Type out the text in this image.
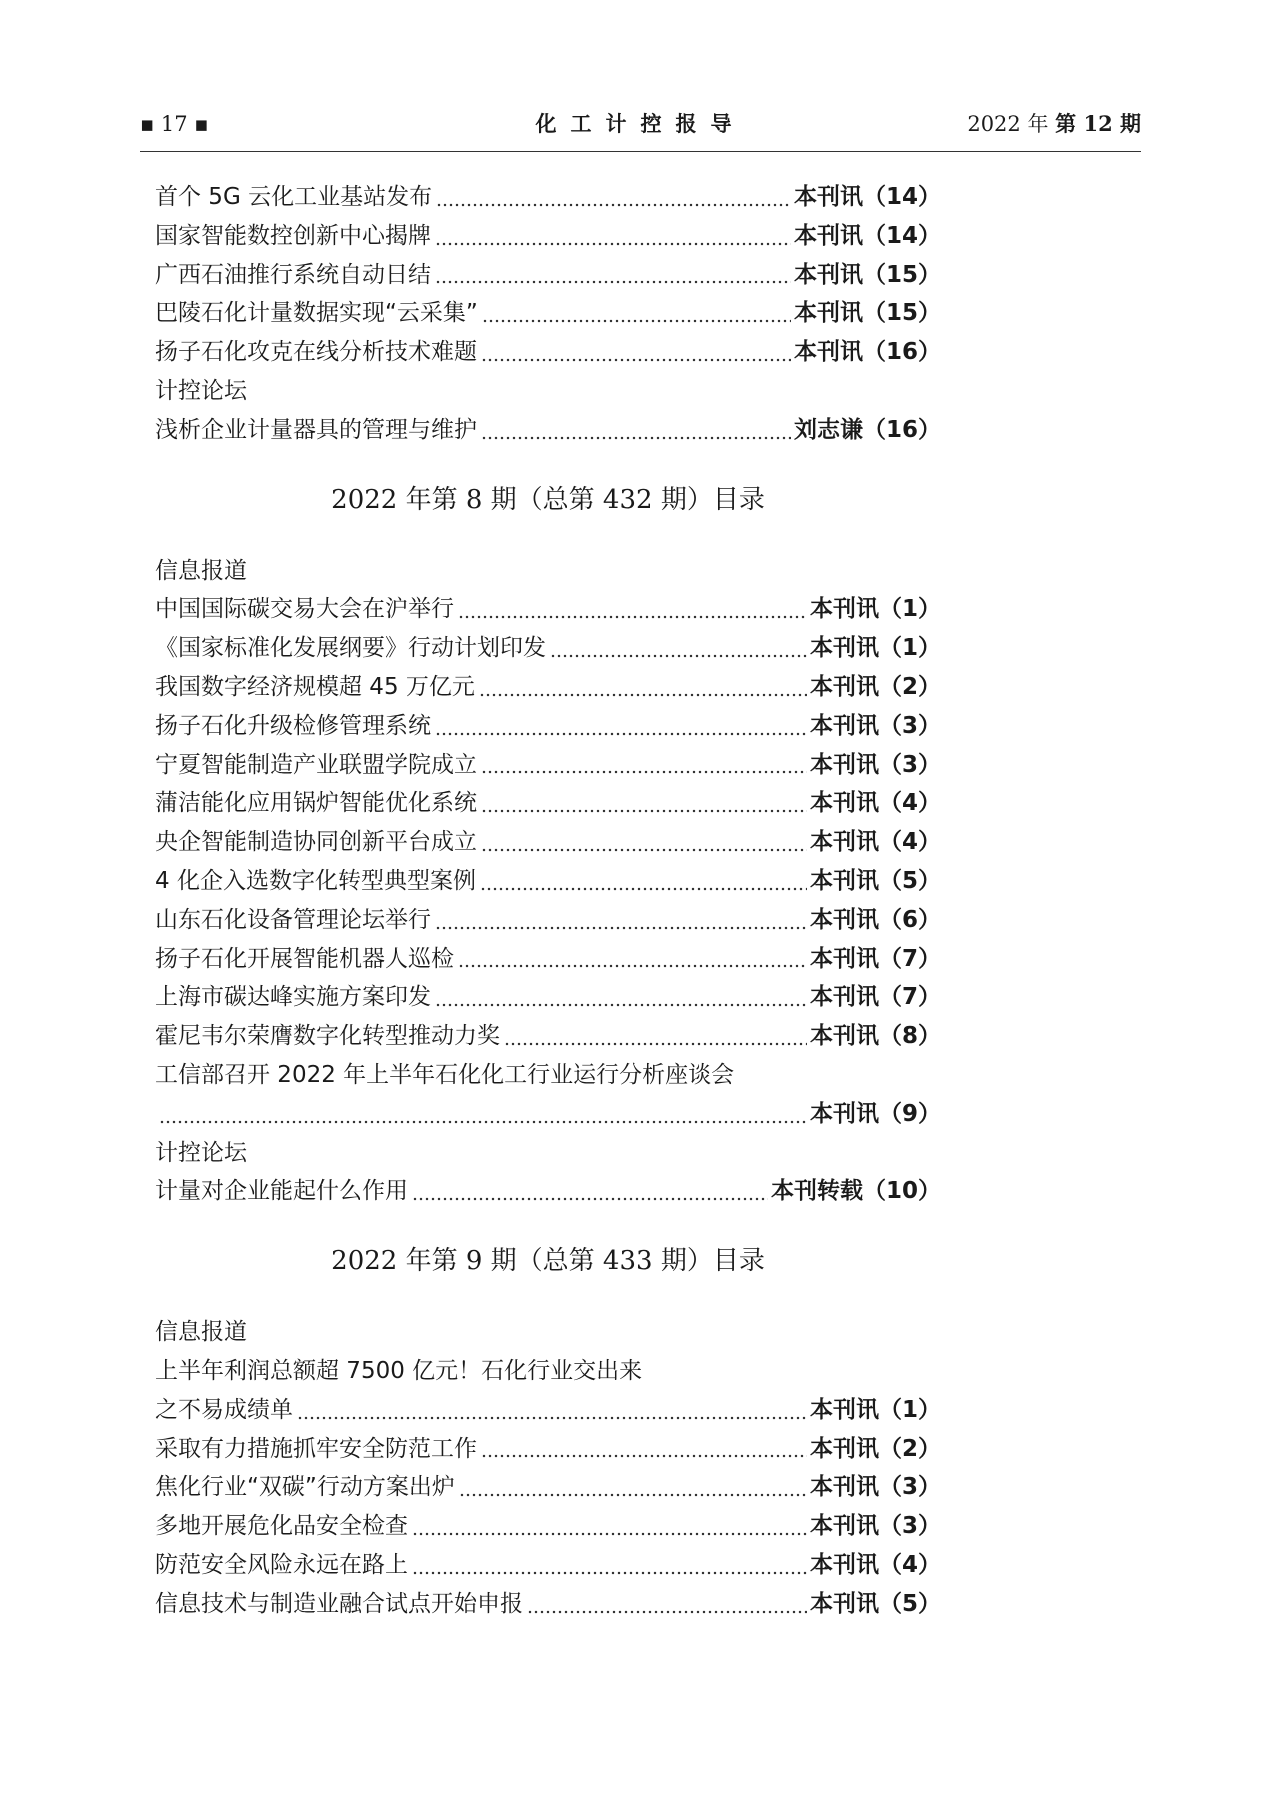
▪ 17 ▪	化工计控报导	2022 年 第 12 期
首个 5G 云化工业基站发布	本刊讯（14）
国家智能数控创新中心揭牌	本刊讯（14）
广西石油推行系统自动日结	本刊讯（15）
巴陵石化计量数据实现“云采集”	本刊讯（15）
扬子石化攻克在线分析技术难题	本刊讯（16）
计控论坛
浅析企业计量器具的管理与维护	刘志谦（16）
2022 年第 8 期（总第 432 期）目录
信息报道
中国国际碳交易大会在沪举行	本刊讯（1）
《国家标准化发展纲要》行动计划印发	本刊讯（1）
我国数字经济规模超 45 万亿元	本刊讯（2）
扬子石化升级检修管理系统	本刊讯（3）
宁夏智能制造产业联盟学院成立	本刊讯（3）
蒲洁能化应用锅炉智能优化系统	本刊讯（4）
央企智能制造协同创新平台成立	本刊讯（4）
4 化企入选数字化转型典型案例	本刊讯（5）
山东石化设备管理论坛举行	本刊讯（6）
扬子石化开展智能机器人巡检	本刊讯（7）
上海市碳达峰实施方案印发	本刊讯（7）
霍尼韦尔荣膺数字化转型推动力奖	本刊讯（8）
工信部召开 2022 年上半年石化化工行业运行分析座谈会
本刊讯（9）
计控论坛
计量对企业能起什么作用	本刊转载（10）
2022 年第 9 期（总第 433 期）目录
信息报道
上半年利润总额超 7500 亿元！石化行业交出来
之不易成绩单	本刊讯（1）
采取有力措施抓牢安全防范工作	本刊讯（2）
焦化行业“双碳”行动方案出炉	本刊讯（3）
多地开展危化品安全检查	本刊讯（3）
防范安全风险永远在路上	本刊讯（4）
信息技术与制造业融合试点开始申报	本刊讯（5）
